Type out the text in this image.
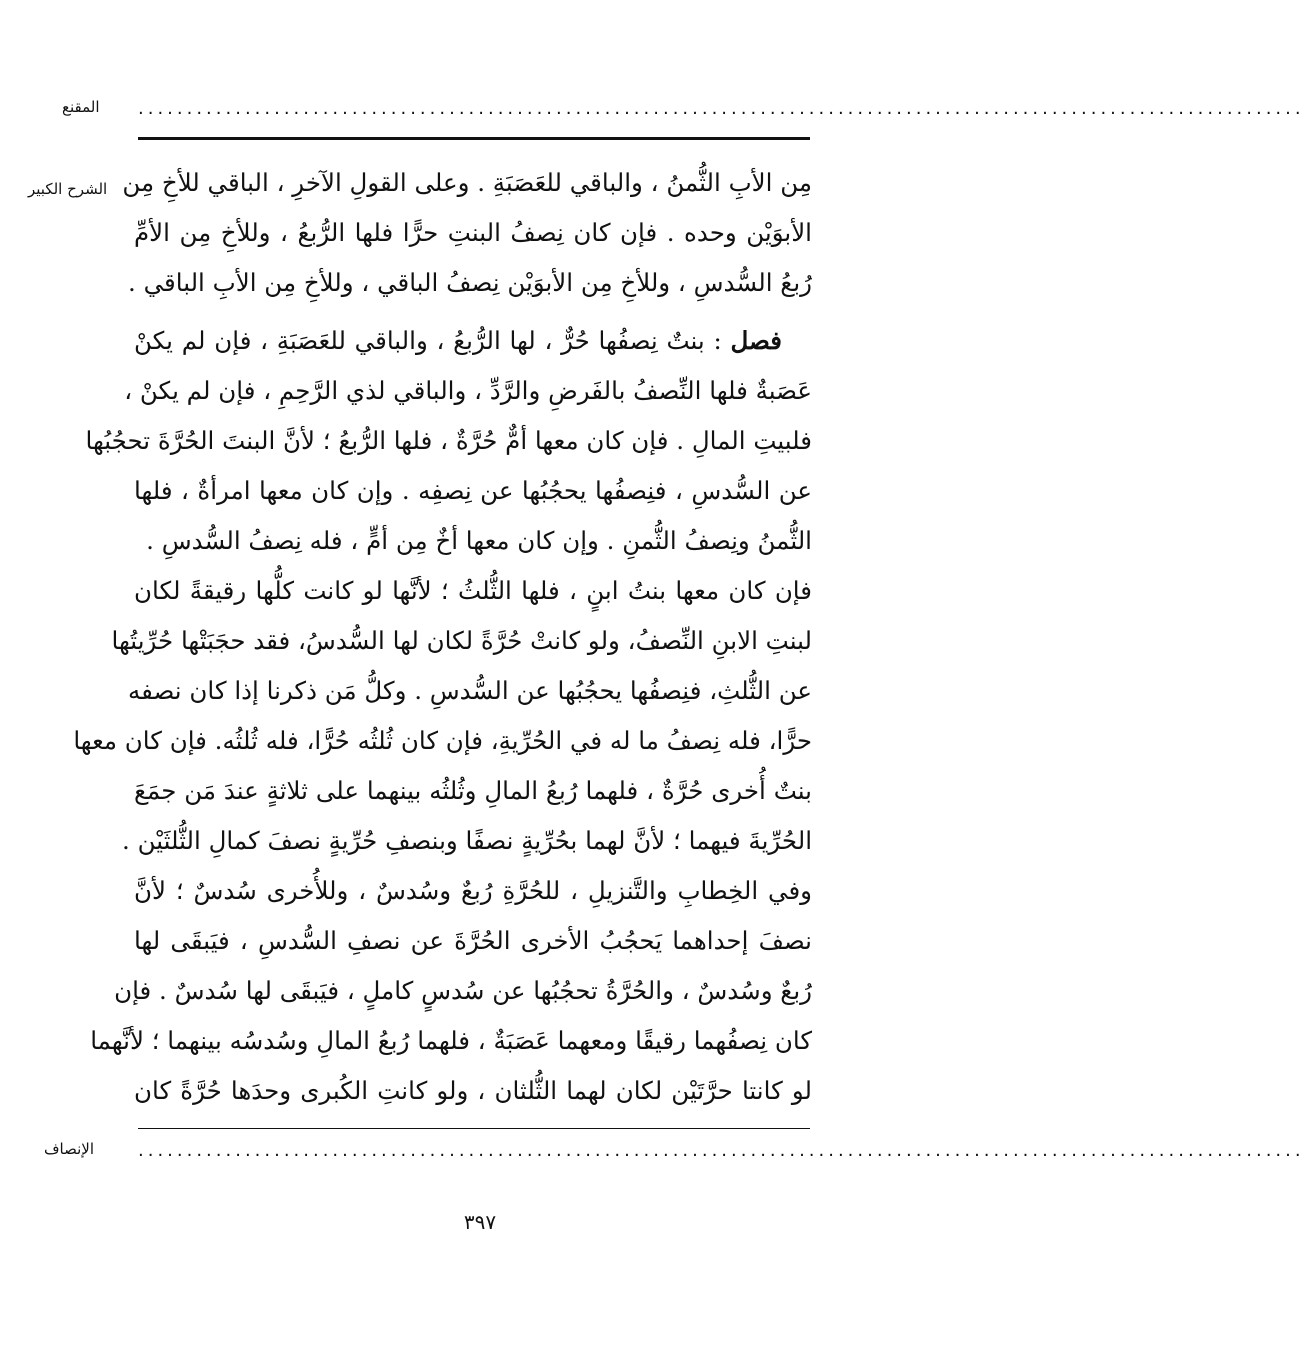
المقنع ........................................................................................................................
الشرح الكبير
الإنصاف
مِن الأبِ الثُّمنُ ، والباقي للعَصَبَةِ . وعلى القولِ الآخرِ ، الباقي للأخِ مِن
الأبوَيْن وحده . فإن كان نِصفُ البنتِ حرًّا فلها الرُّبعُ ، وللأخِ مِن الأمِّ
رُبعُ السُّدسِ ، وللأخِ مِن الأبوَيْن نِصفُ الباقي ، وللأخِ مِن الأبِ الباقي .
فصل : بنتٌ نِصفُها حُرٌّ ، لها الرُّبعُ ، والباقي للعَصَبَةِ ، فإن لم يكنْ
عَصَبةٌ فلها النِّصفُ بالفَرضِ والرَّدِّ ، والباقي لذي الرَّحِمِ ، فإن لم يكنْ ،
فلبيتِ المالِ . فإن كان معها أمٌّ حُرَّةٌ ، فلها الرُّبعُ ؛ لأنَّ البنتَ الحُرَّةَ تحجُبُها
عن السُّدسِ ، فنِصفُها يحجُبُها عن نِصفِه . وإن كان معها امرأةٌ ، فلها
الثُّمنُ ونِصفُ الثُّمنِ . وإن كان معها أخٌ مِن أمٍّ ، فله نِصفُ السُّدسِ .
فإن كان معها بنتُ ابنٍ ، فلها الثُّلثُ ؛ لأنَّها لو كانت كلُّها رقيقةً لكان
لبنتِ الابنِ النِّصفُ، ولو كانتْ حُرَّةً لكان لها السُّدسُ، فقد حجَبَتْها حُرِّيتُها
عن الثُّلثِ، فنِصفُها يحجُبُها عن السُّدسِ . وكلُّ مَن ذكرنا إذا كان نصفه
حرًّا، فله نِصفُ ما له في الحُرِّيةِ، فإن كان ثُلثُه حُرًّا، فله ثُلثُه. فإن كان معها
بنتٌ أُخرى حُرَّةٌ ، فلهما رُبعُ المالِ وثُلثُه بينهما على ثلاثةٍ عندَ مَن جمَعَ
الحُرِّيةَ فيهما ؛ لأنَّ لهما بحُرِّيةٍ نصفًا وبنصفِ حُرِّيةٍ نصفَ كمالِ الثُّلثَيْن .
وفي الخِطابِ والتَّنزيلِ ، للحُرَّةِ رُبعٌ وسُدسٌ ، وللأُخرى سُدسٌ ؛ لأنَّ
نصفَ إحداهما يَحجُبُ الأخرى الحُرَّةَ عن نصفِ السُّدسِ ، فيَبقَى لها
رُبعٌ وسُدسٌ ، والحُرَّةُ تحجُبُها عن سُدسٍ كاملٍ ، فيَبقَى لها سُدسٌ . فإن
كان نِصفُهما رقيقًا ومعهما عَصَبَةٌ ، فلهما رُبعُ المالِ وسُدسُه بينهما ؛ لأنَّهما
لو كانتا حرَّتَيْن لكان لهما الثُّلثان ، ولو كانتِ الكُبرى وحدَها حُرَّةً كان
........................................................................................................................
٣٩٧
